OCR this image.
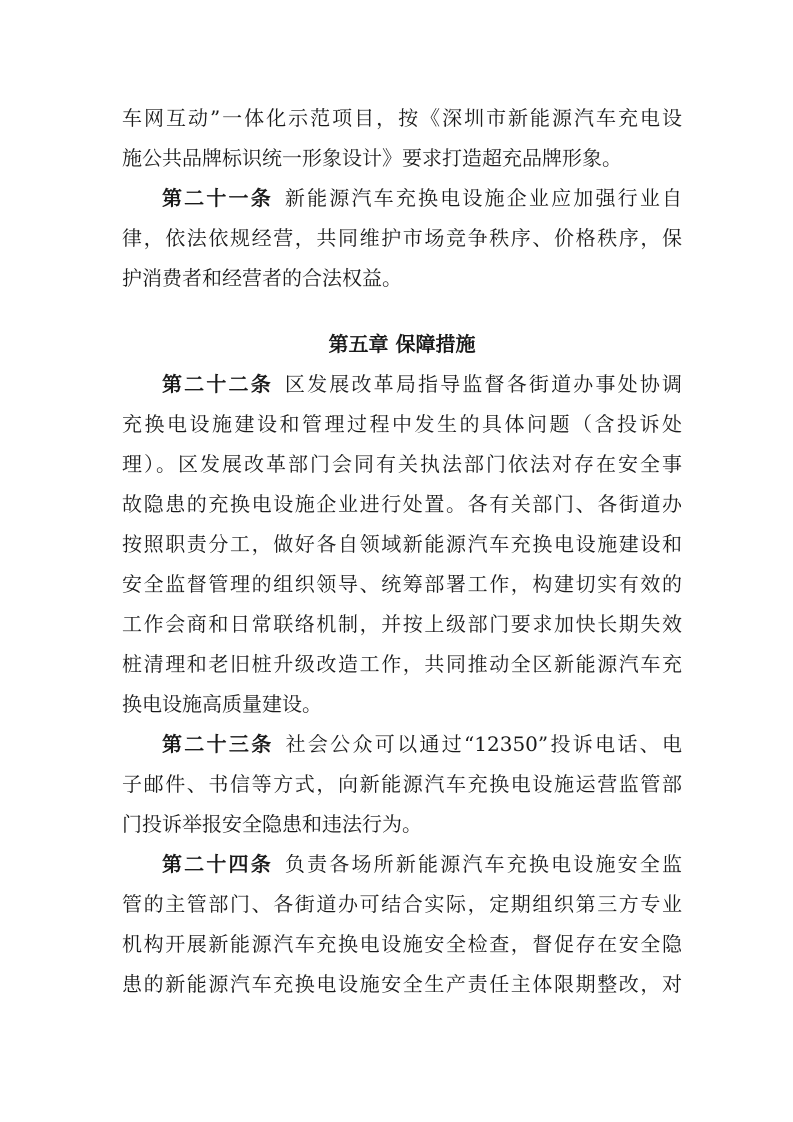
车网互动”一体化示范项目，按《深圳市新能源汽车充电设
施公共品牌标识统一形象设计》要求打造超充品牌形象。
第二十一条 新能源汽车充换电设施企业应加强行业自
律，依法依规经营，共同维护市场竞争秩序、价格秩序，保
护消费者和经营者的合法权益。
第五章 保障措施
第二十二条 区发展改革局指导监督各街道办事处协调
充换电设施建设和管理过程中发生的具体问题（含投诉处
理）。区发展改革部门会同有关执法部门依法对存在安全事
故隐患的充换电设施企业进行处置。各有关部门、各街道办
按照职责分工，做好各自领域新能源汽车充换电设施建设和
安全监督管理的组织领导、统筹部署工作，构建切实有效的
工作会商和日常联络机制，并按上级部门要求加快长期失效
桩清理和老旧桩升级改造工作，共同推动全区新能源汽车充
换电设施高质量建设。
第二十三条 社会公众可以通过“12350”投诉电话、电
子邮件、书信等方式，向新能源汽车充换电设施运营监管部
门投诉举报安全隐患和违法行为。
第二十四条 负责各场所新能源汽车充换电设施安全监
管的主管部门、各街道办可结合实际，定期组织第三方专业
机构开展新能源汽车充换电设施安全检查，督促存在安全隐
患的新能源汽车充换电设施安全生产责任主体限期整改，对
